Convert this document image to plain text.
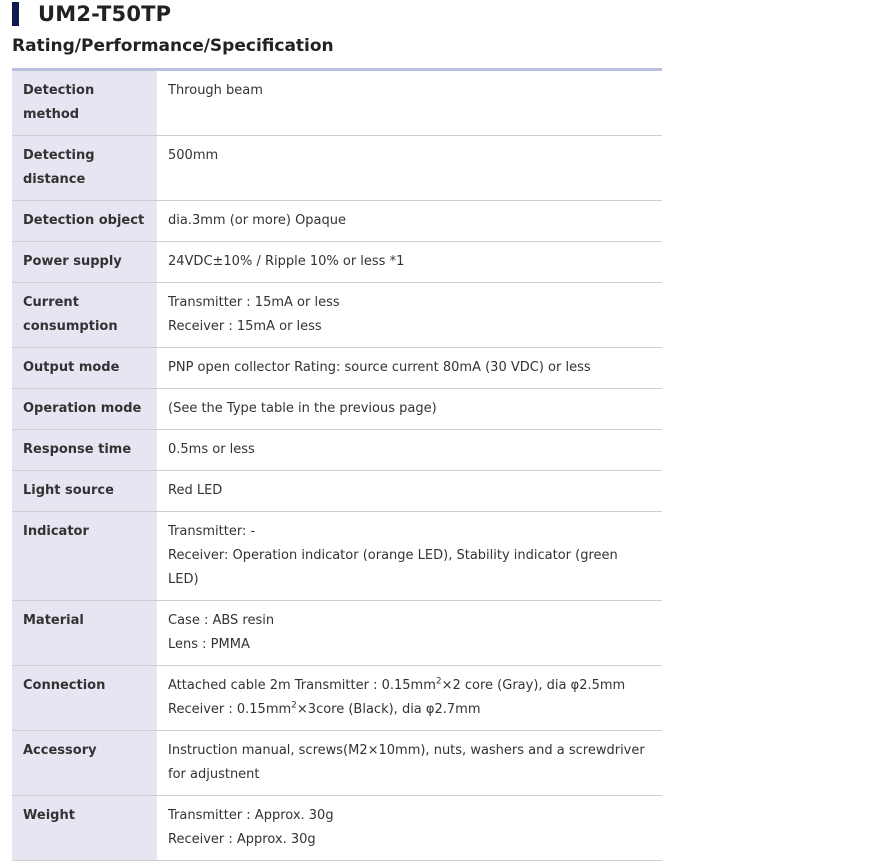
UM2-T50TP
Rating/Performance/Specification
Detection method	Through beam

Detecting distance	500mm

Detection object	dia.3mm (or more) Opaque

Power supply	24VDC±10% / Ripple 10% or less *1

Current consumption	Transmitter : 15mA or less
Receiver : 15mA or less

Output mode	PNP open collector Rating: source current 80mA (30 VDC) or less

Operation mode	(See the Type table in the previous page)

Response time	0.5ms or less

Light source	Red LED

Indicator	Transmitter: -
Receiver: Operation indicator (orange LED), Stability indicator (green LED)

Material	Case : ABS resin
Lens : PMMA

Connection	Attached cable 2m Transmitter : $0.15mm^2\times 2$ core (Gray), dia φ2.5mm
Receiver : $0.15mm^2\times 3core$ (Black), dia φ2.7mm

Accessory	Instruction manual, screws(M2×10mm), nuts, washers and a screwdriver
for adjustnent

Weight	Transmitter : Approx. 30g
Receiver : Approx. 30g
